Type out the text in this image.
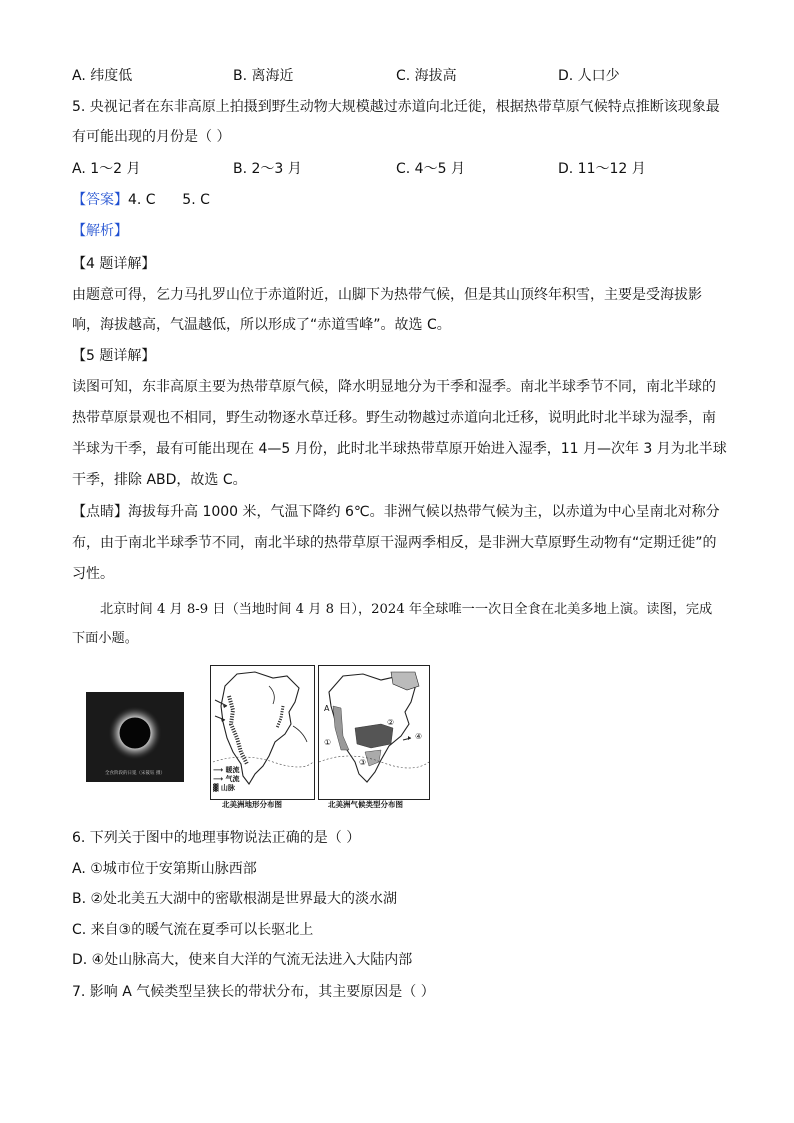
A. 纬度低	B. 离海近	C. 海拔高	D. 人口少
5. 央视记者在东非高原上拍摄到野生动物大规模越过赤道向北迁徙，根据热带草原气候特点推断该现象最
有可能出现的月份是（ ）
A. 1～2 月	B. 2～3 月	C. 4～5 月	D. 11～12 月
【答案】4. C      5. C
【解析】
【4 题详解】
由题意可得，乞力马扎罗山位于赤道附近，山脚下为热带气候，但是其山顶终年积雪，主要是受海拔影
响，海拔越高，气温越低，所以形成了“赤道雪峰”。故选 C。
【5 题详解】
读图可知，东非高原主要为热带草原气候，降水明显地分为干季和湿季。南北半球季节不同，南北半球的
热带草原景观也不相同，野生动物逐水草迁移。野生动物越过赤道向北迁移，说明此时北半球为湿季，南
半球为干季，最有可能出现在 4—5 月份，此时北半球热带草原开始进入湿季，11 月—次年 3 月为北半球
干季，排除 ABD，故选 C。
【点睛】海拔每升高 1000 米，气温下降约 6℃。非洲气候以热带气候为主，以赤道为中心呈南北对称分
布，由于南北半球季节不同，南北半球的热带草原干湿两季相反，是非洲大草原野生动物有“定期迁徙”的
习性。
北京时间 4 月 8-9 日（当地时间 4 月 8 日），2024 年全球唯一一次日全食在北美多地上演。读图，完成
下面小题。
全食阶段的日冕（宋筱钰 摄）	⟶ 暖流
⟶ 气流
▓ 山脉
北美洲地形分布图
A
①
②
③
④
北美洲气候类型分布图
6. 下列关于图中的地理事物说法正确的是（ ）
A. ①城市位于安第斯山脉西部
B. ②处北美五大湖中的密歇根湖是世界最大的淡水湖
C. 来自③的暖气流在夏季可以长驱北上
D. ④处山脉高大，使来自大洋的气流无法进入大陆内部
7. 影响 A 气候类型呈狭长的带状分布，其主要原因是（ ）
